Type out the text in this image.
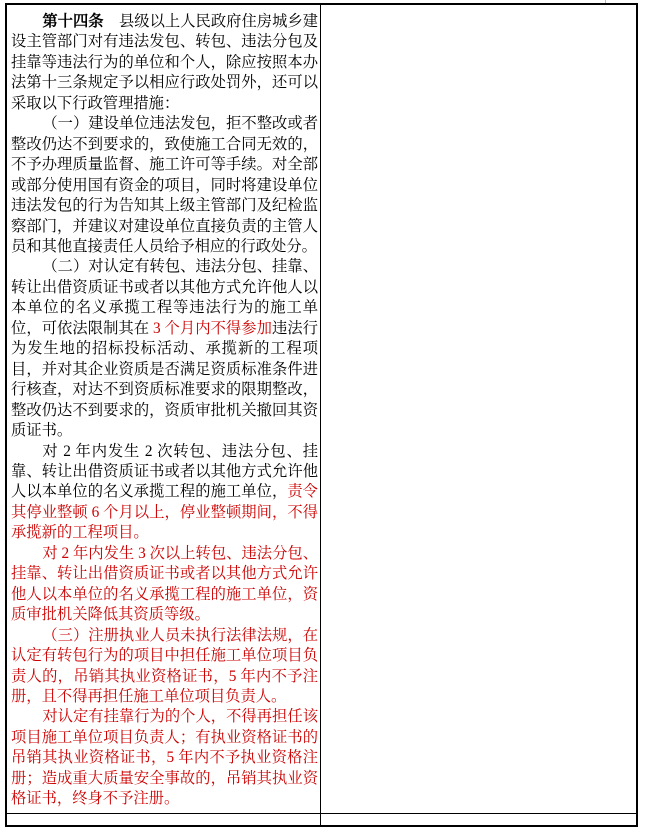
第十四条　县级以上人民政府住房城乡建设主管部门对有违法发包、转包、违法分包及挂靠等违法行为的单位和个人，除应按照本办法第十三条规定予以相应行政处罚外，还可以采取以下行政管理措施：

（一）建设单位违法发包，拒不整改或者整改仍达不到要求的，致使施工合同无效的，不予办理质量监督、施工许可等手续。对全部或部分使用国有资金的项目，同时将建设单位违法发包的行为告知其上级主管部门及纪检监察部门，并建议对建设单位直接负责的主管人员和其他直接责任人员给予相应的行政处分。

（二）对认定有转包、违法分包、挂靠、转让出借资质证书或者以其他方式允许他人以本单位的名义承揽工程等违法行为的施工单位，可依法限制其在 3 个月内不得参加违法行为发生地的招标投标活动、承揽新的工程项目，并对其企业资质是否满足资质标准条件进行核查，对达不到资质标准要求的限期整改，整改仍达不到要求的，资质审批机关撤回其资质证书。

对 2 年内发生 2 次转包、违法分包、挂靠、转让出借资质证书或者以其他方式允许他人以本单位的名义承揽工程的施工单位，责令其停业整顿 6 个月以上，停业整顿期间，不得承揽新的工程项目。

对 2 年内发生 3 次以上转包、违法分包、挂靠、转让出借资质证书或者以其他方式允许他人以本单位的名义承揽工程的施工单位，资质审批机关降低其资质等级。

（三）注册执业人员未执行法律法规，在认定有转包行为的项目中担任施工单位项目负责人的，吊销其执业资格证书，5 年内不予注册，且不得再担任施工单位项目负责人。

对认定有挂靠行为的个人，不得再担任该项目施工单位项目负责人；有执业资格证书的吊销其执业资格证书，5 年内不予执业资格注册；造成重大质量安全事故的，吊销其执业资格证书，终身不予注册。
